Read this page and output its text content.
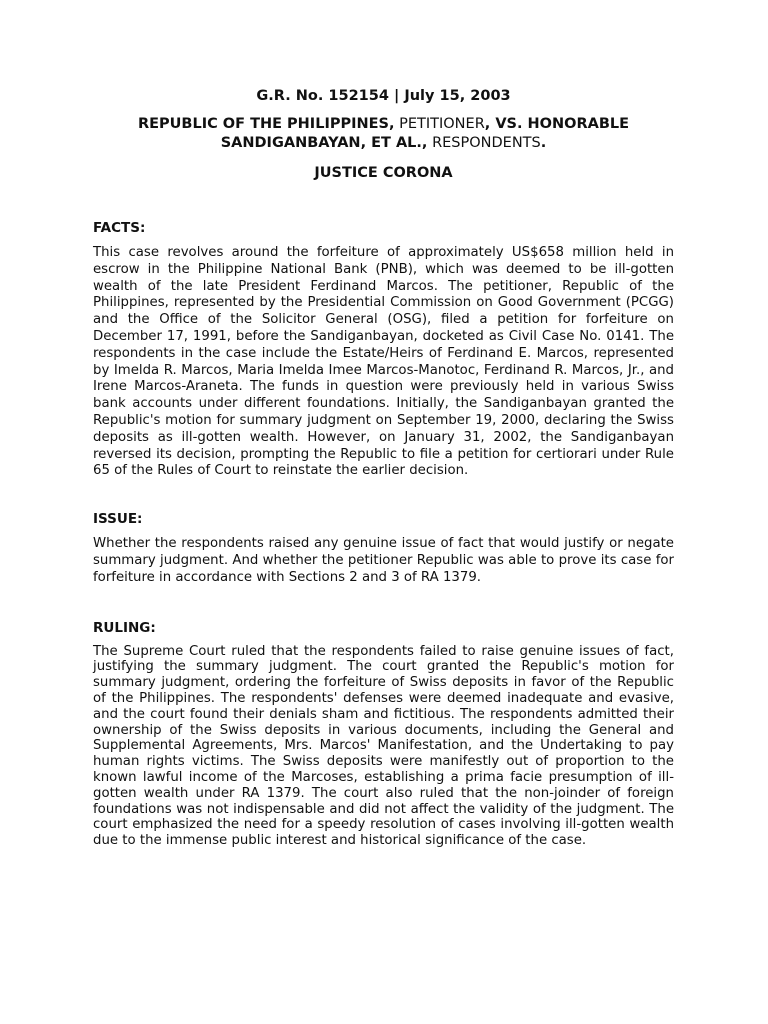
G.R. No. 152154 | July 15, 2003

REPUBLIC OF THE PHILIPPINES, PETITIONER, VS. HONORABLE SANDIGANBAYAN, ET AL., RESPONDENTS.

JUSTICE CORONA

FACTS:

This case revolves around the forfeiture of approximately US$658 million held in escrow in the Philippine National Bank (PNB), which was deemed to be ill-gotten wealth of the late President Ferdinand Marcos. The petitioner, Republic of the Philippines, represented by the Presidential Commission on Good Government (PCGG) and the Office of the Solicitor General (OSG), filed a petition for forfeiture on December 17, 1991, before the Sandiganbayan, docketed as Civil Case No. 0141. The respondents in the case include the Estate/Heirs of Ferdinand E. Marcos, represented by Imelda R. Marcos, Maria Imelda Imee Marcos-Manotoc, Ferdinand R. Marcos, Jr., and Irene Marcos-Araneta. The funds in question were previously held in various Swiss bank accounts under different foundations. Initially, the Sandiganbayan granted the Republic's motion for summary judgment on September 19, 2000, declaring the Swiss deposits as ill-gotten wealth. However, on January 31, 2002, the Sandiganbayan reversed its decision, prompting the Republic to file a petition for certiorari under Rule 65 of the Rules of Court to reinstate the earlier decision.

ISSUE:

Whether the respondents raised any genuine issue of fact that would justify or negate summary judgment. And whether the petitioner Republic was able to prove its case for forfeiture in accordance with Sections 2 and 3 of RA 1379.

RULING:

The Supreme Court ruled that the respondents failed to raise genuine issues of fact, justifying the summary judgment. The court granted the Republic's motion for summary judgment, ordering the forfeiture of Swiss deposits in favor of the Republic of the Philippines. The respondents' defenses were deemed inadequate and evasive, and the court found their denials sham and fictitious. The respondents admitted their ownership of the Swiss deposits in various documents, including the General and Supplemental Agreements, Mrs. Marcos' Manifestation, and the Undertaking to pay human rights victims. The Swiss deposits were manifestly out of proportion to the known lawful income of the Marcoses, establishing a prima facie presumption of ill-gotten wealth under RA 1379. The court also ruled that the non-joinder of foreign foundations was not indispensable and did not affect the validity of the judgment. The court emphasized the need for a speedy resolution of cases involving ill-gotten wealth due to the immense public interest and historical significance of the case.
